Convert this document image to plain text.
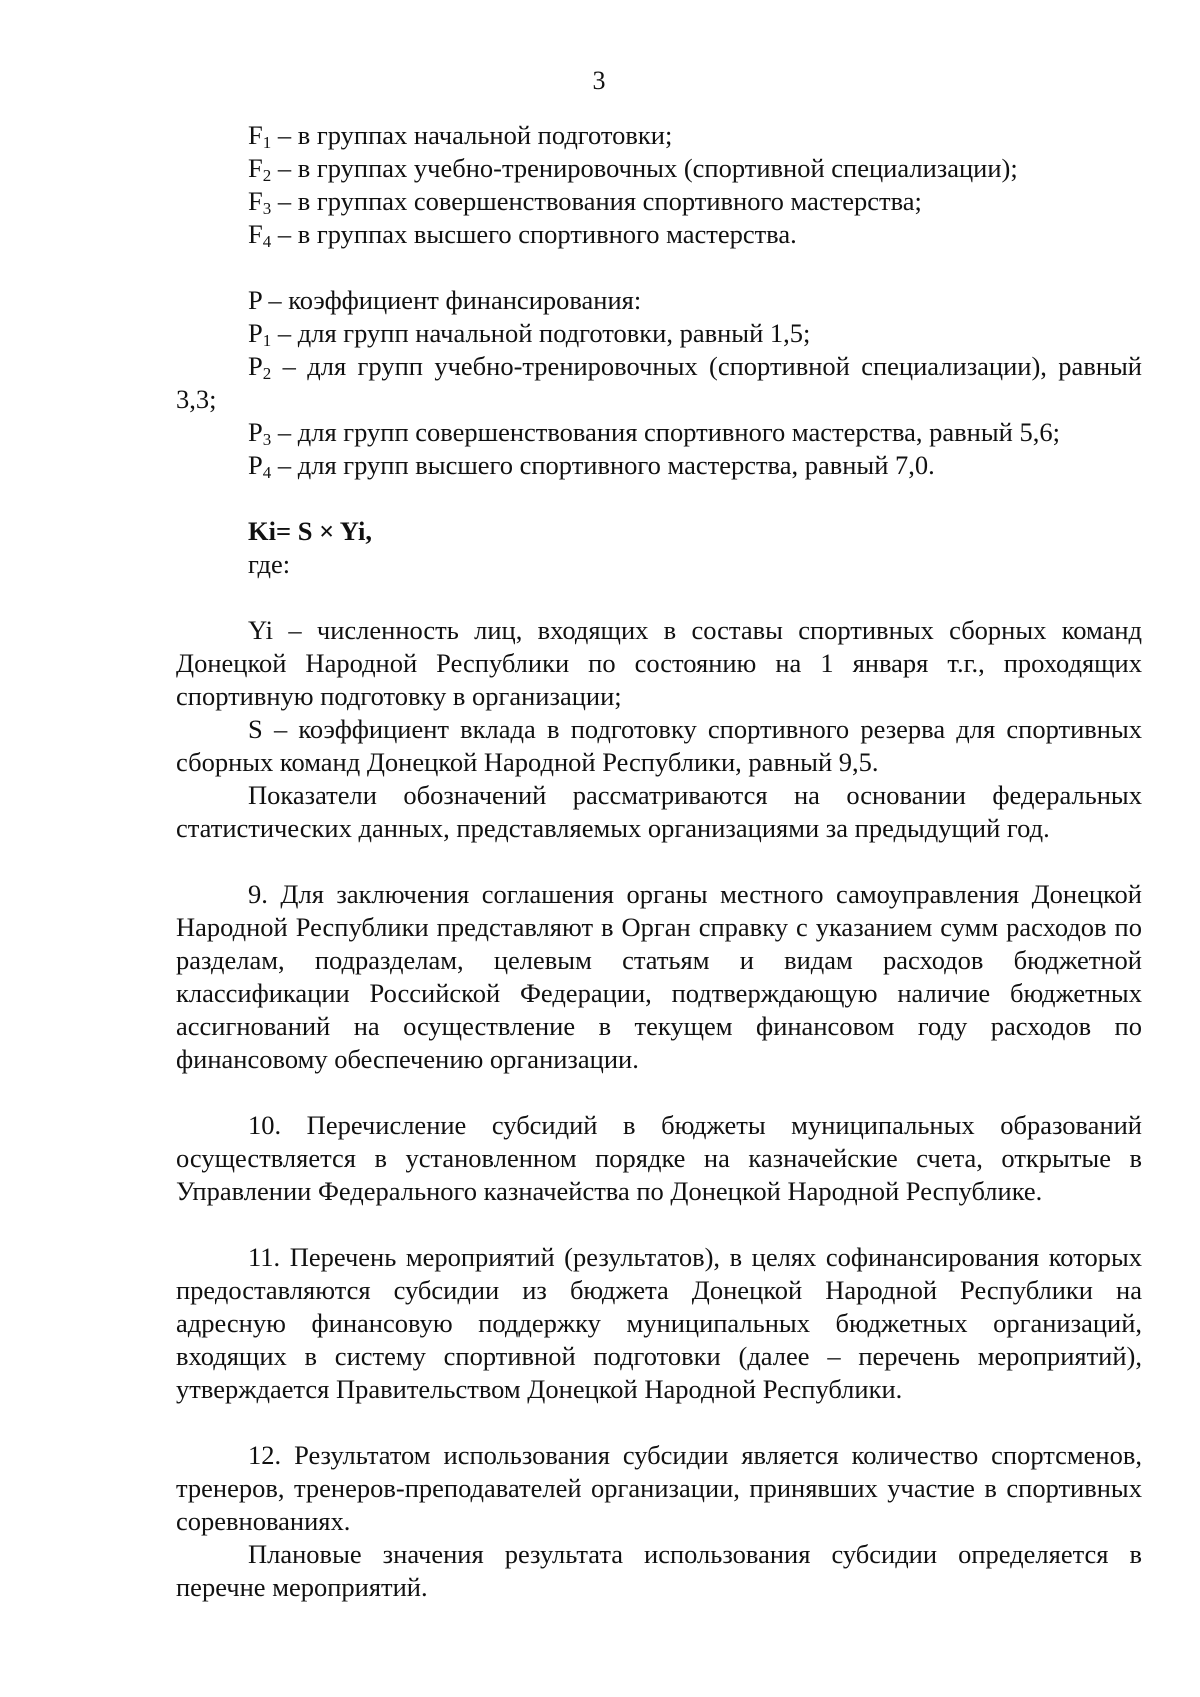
3

$F_1$ – в группах начальной подготовки;

$F_2$ – в группах учебно-тренировочных (спортивной специализации);

$F_3$ – в группах совершенствования спортивного мастерства;

$F_4$ – в группах высшего спортивного мастерства.

P – коэффициент финансирования:

$P_1$ – для групп начальной подготовки, равный 1,5;

$P_2$ – для групп учебно-тренировочных (спортивной специализации), равный 3,3;

$P_3$ – для групп совершенствования спортивного мастерства, равный 5,6;

$P_4$ – для групп высшего спортивного мастерства, равный 7,0.

Ki= S × Yi,

где:

Yi – численность лиц, входящих в составы спортивных сборных команд Донецкой Народной Республики по состоянию на 1 января т.г., проходящих спортивную подготовку в организации;

S – коэффициент вклада в подготовку спортивного резерва для спортивных сборных команд Донецкой Народной Республики, равный 9,5.

Показатели обозначений рассматриваются на основании федеральных статистических данных, представляемых организациями за предыдущий год.

9. Для заключения соглашения органы местного самоуправления Донецкой Народной Республики представляют в Орган справку с указанием сумм расходов по разделам, подразделам, целевым статьям и видам расходов бюджетной классификации Российской Федерации, подтверждающую наличие бюджетных ассигнований на осуществление в текущем финансовом году расходов по финансовому обеспечению организации.

10. Перечисление субсидий в бюджеты муниципальных образований осуществляется в установленном порядке на казначейские счета, открытые в Управлении Федерального казначейства по Донецкой Народной Республике.

11. Перечень мероприятий (результатов), в целях софинансирования которых предоставляются субсидии из бюджета Донецкой Народной Республики на адресную финансовую поддержку муниципальных бюджетных организаций, входящих в систему спортивной подготовки (далее – перечень мероприятий), утверждается Правительством Донецкой Народной Республики.

12. Результатом использования субсидии является количество спортсменов, тренеров, тренеров-преподавателей организации, принявших участие в спортивных соревнованиях.

Плановые значения результата использования субсидии определяется в перечне мероприятий.
